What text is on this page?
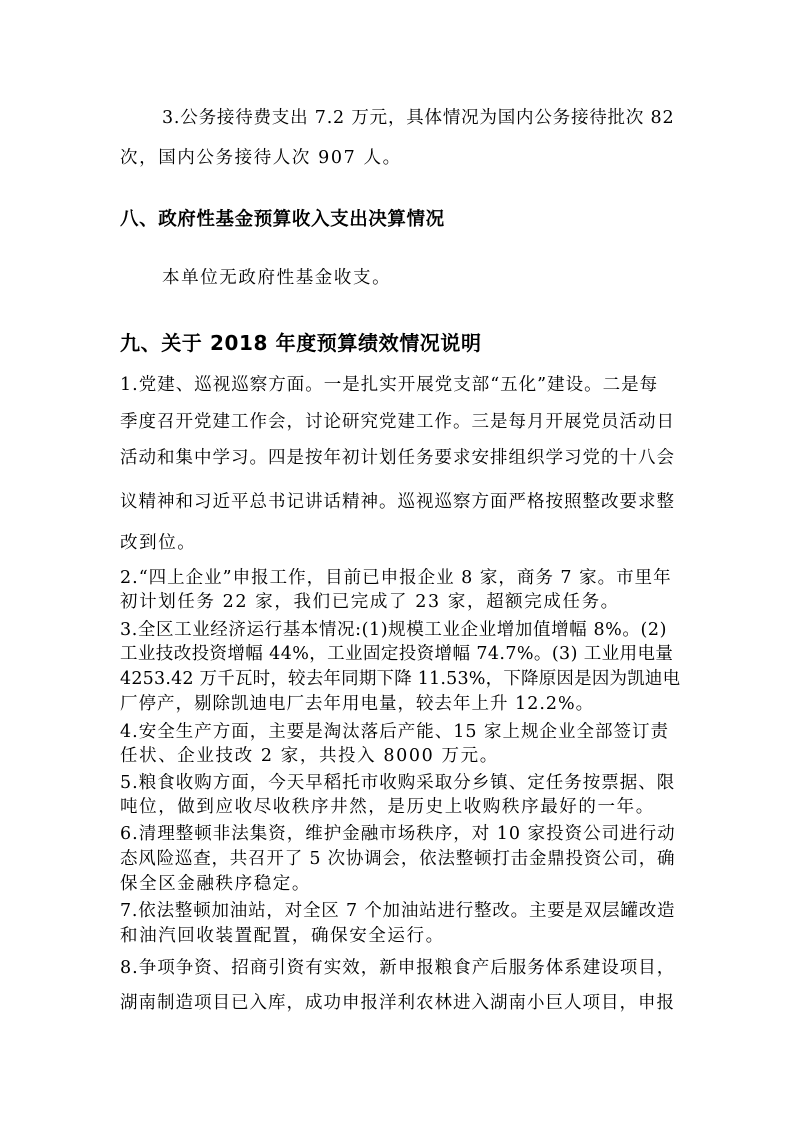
3.公务接待费支出 7.2 万元，具体情况为国内公务接待批次 82
次，国内公务接待人次 907 人。
八、政府性基金预算收入支出决算情况
本单位无政府性基金收支。
九、关于 2018 年度预算绩效情况说明
1.党建、巡视巡察方面。一是扎实开展党支部“五化”建设。二是每
季度召开党建工作会，讨论研究党建工作。三是每月开展党员活动日
活动和集中学习。四是按年初计划任务要求安排组织学习党的十八会
议精神和习近平总书记讲话精神。巡视巡察方面严格按照整改要求整
改到位。
2.“四上企业”申报工作，目前已申报企业 8 家，商务 7 家。市里年
初计划任务 22 家，我们已完成了 23 家，超额完成任务。
3.全区工业经济运行基本情况:(1)规模工业企业增加值增幅 8%。(2)
工业技改投资增幅 44%，工业固定投资增幅 74.7%。(3) 工业用电量
4253.42 万千瓦时，较去年同期下降 11.53%，下降原因是因为凯迪电
厂停产，剔除凯迪电厂去年用电量，较去年上升 12.2%。
4.安全生产方面，主要是淘汰落后产能、15 家上规企业全部签订责
任状、企业技改 2 家，共投入 8000 万元。
5.粮食收购方面，今天早稻托市收购采取分乡镇、定任务按票据、限
吨位，做到应收尽收秩序井然，是历史上收购秩序最好的一年。
6.清理整顿非法集资，维护金融市场秩序，对 10 家投资公司进行动
态风险巡查，共召开了 5 次协调会，依法整顿打击金鼎投资公司，确
保全区金融秩序稳定。
7.依法整顿加油站，对全区 7 个加油站进行整改。主要是双层罐改造
和油汽回收装置配置，确保安全运行。
8.争项争资、招商引资有实效，新申报粮食产后服务体系建设项目，
湖南制造项目已入库，成功申报洋利农林进入湖南小巨人项目，申报
